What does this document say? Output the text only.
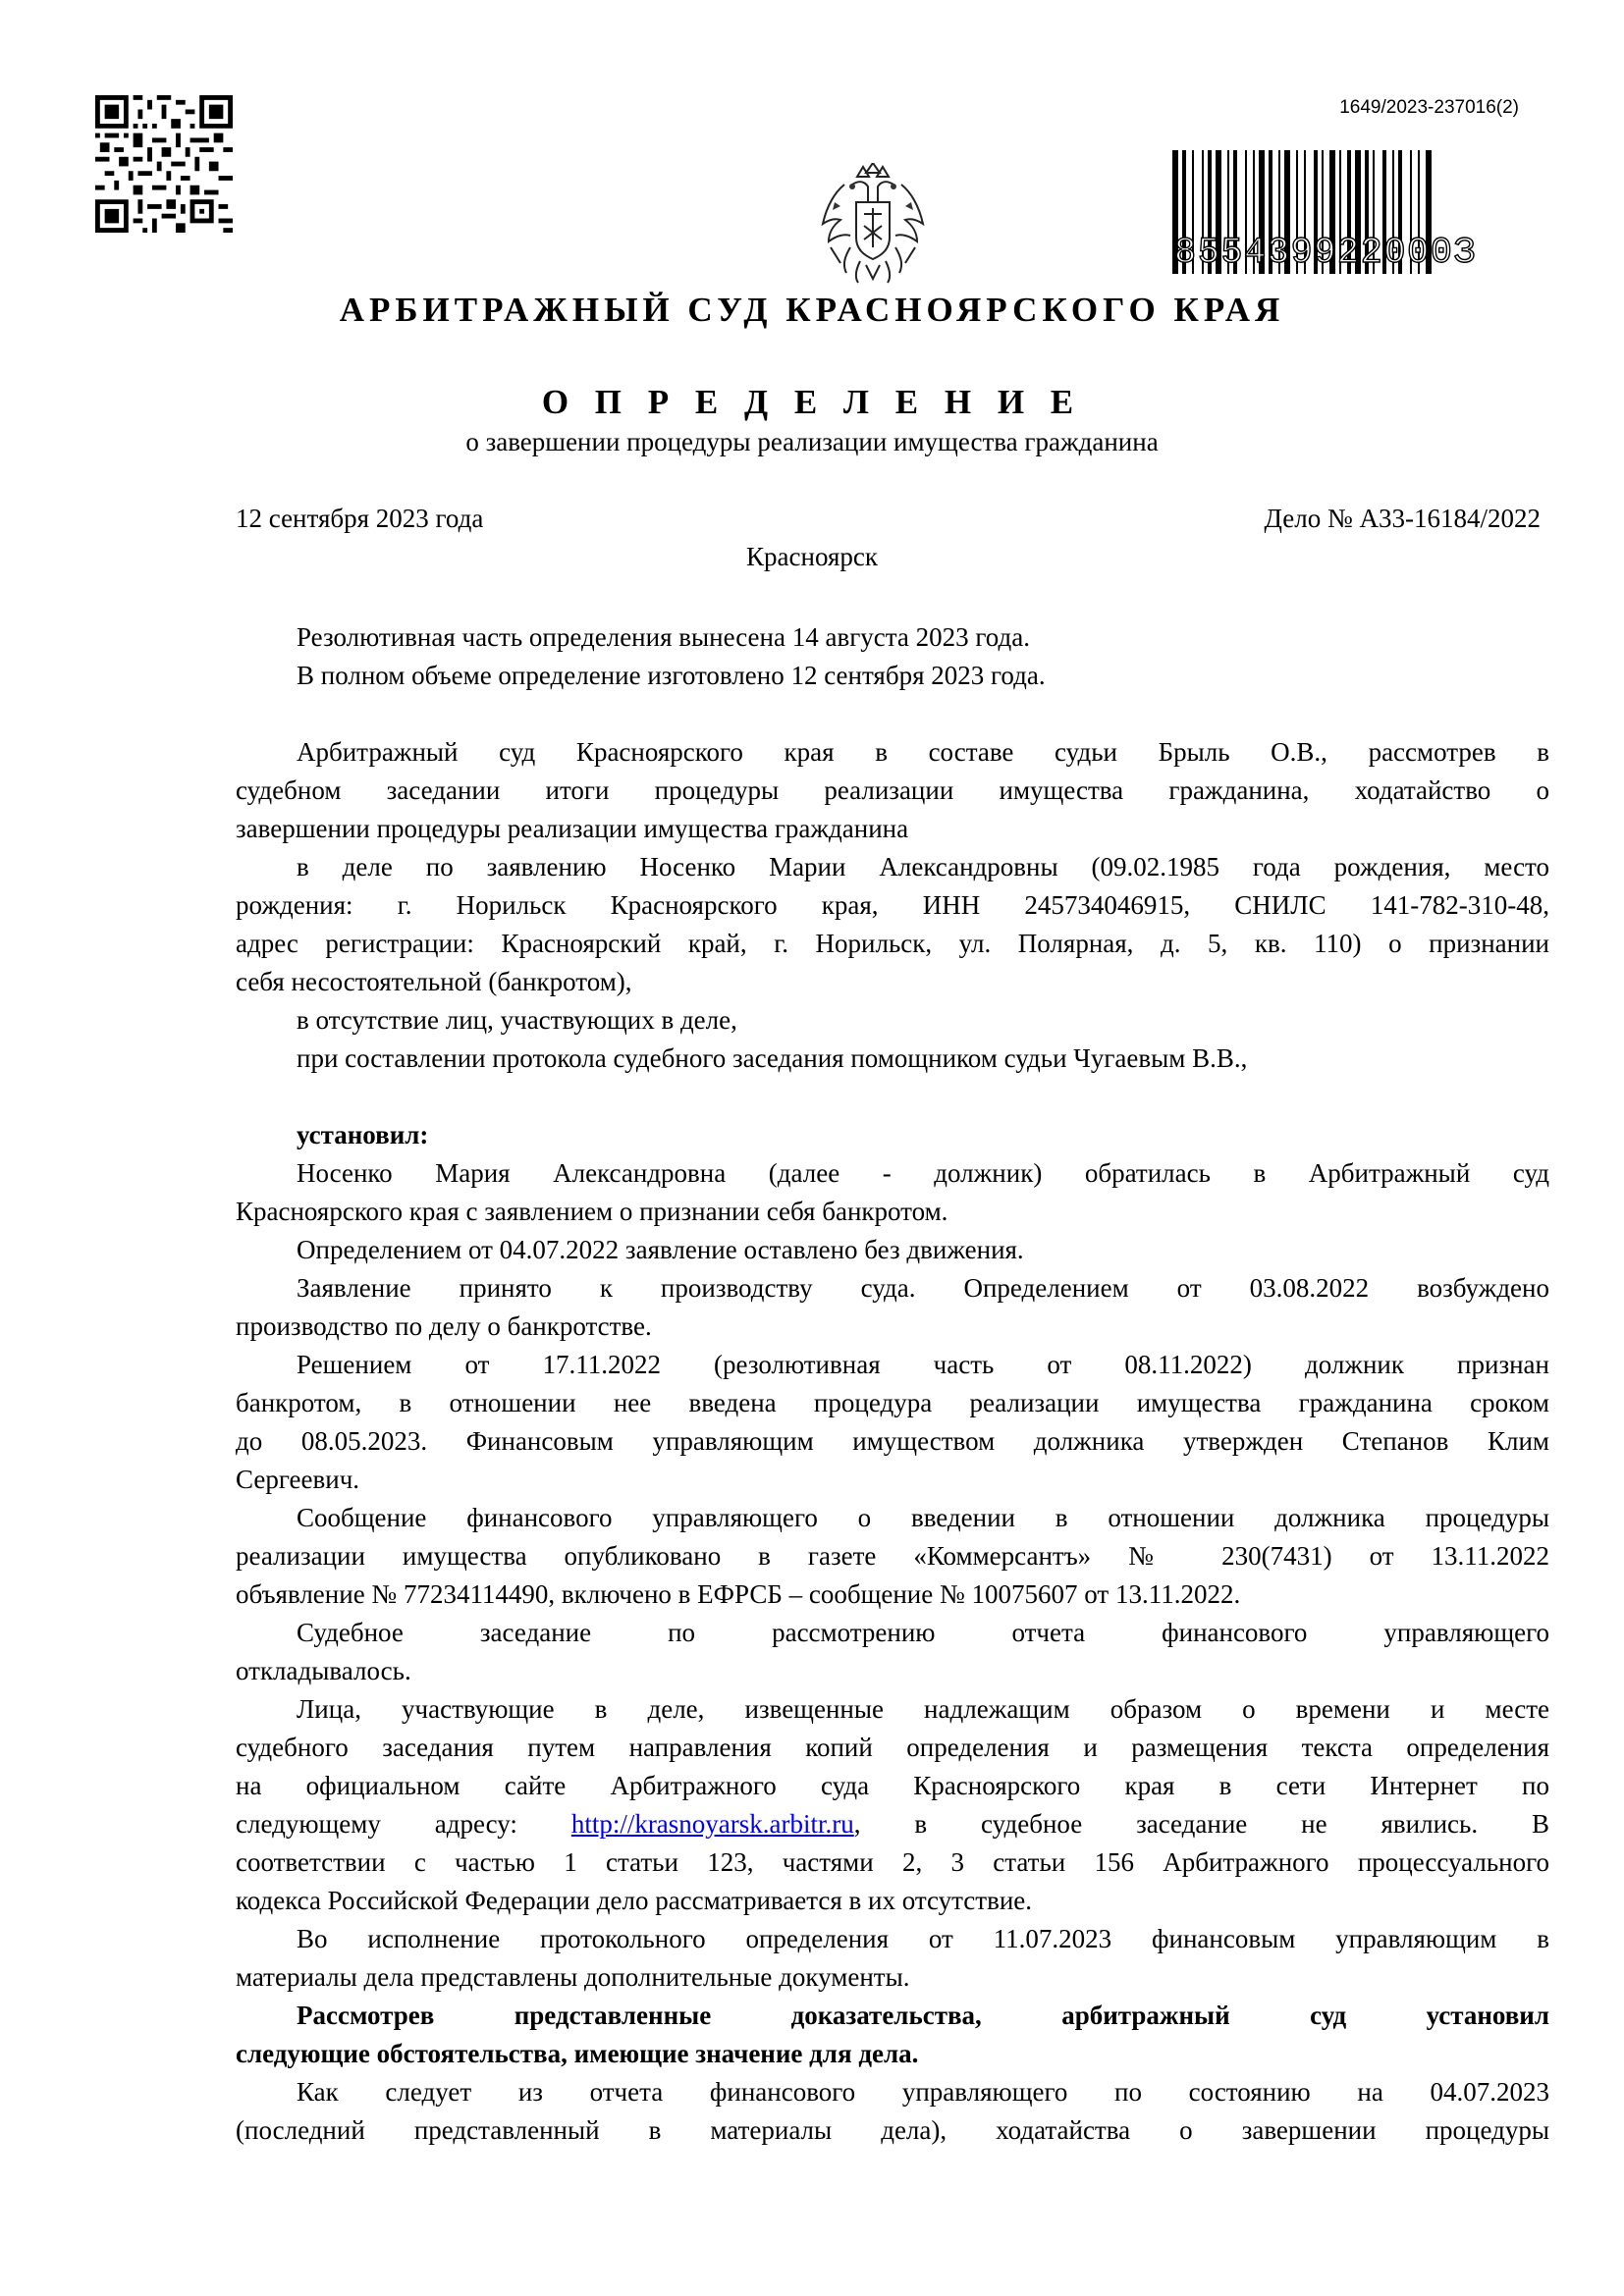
1649/2023-237016(2)
855439922000З
АРБИТРАЖНЫЙ СУД КРАСНОЯРСКОГО КРАЯ
О П Р Е Д Е Л Е Н И Е
о завершении процедуры реализации имущества гражданина
12 сентября 2023 года	Дело № А33-16184/2022
Красноярск
Резолютивная часть определения вынесена 14 августа 2023 года.
В полном объеме определение изготовлено 12 сентября 2023 года.
Арбитражный суд Красноярского края в составе судьи Брыль О.В., рассмотрев в
судебном заседании итоги процедуры реализации имущества гражданина, ходатайство о
завершении процедуры реализации имущества гражданина
в деле по заявлению Носенко Марии Александровны (09.02.1985 года рождения, место
рождения: г. Норильск Красноярского края, ИНН 245734046915, СНИЛС 141-782-310-48,
адрес регистрации: Красноярский край, г. Норильск, ул. Полярная, д. 5, кв. 110) о признании
себя несостоятельной (банкротом),
в отсутствие лиц, участвующих в деле,
при составлении протокола судебного заседания помощником судьи Чугаевым В.В.,
установил:
Носенко Мария Александровна (далее - должник) обратилась в Арбитражный суд
Красноярского края с заявлением о признании себя банкротом.
Определением от 04.07.2022 заявление оставлено без движения.
Заявление принято к производству суда. Определением от 03.08.2022 возбуждено
производство по делу о банкротстве.
Решением от 17.11.2022 (резолютивная часть от 08.11.2022) должник признан
банкротом, в отношении нее введена процедура реализации имущества гражданина сроком
до 08.05.2023. Финансовым управляющим имуществом должника утвержден Степанов Клим
Сергеевич.
Сообщение финансового управляющего о введении в отношении должника процедуры
реализации имущества опубликовано в газете «Коммерсантъ» № 230(7431) от 13.11.2022
объявление № 77234114490, включено в ЕФРСБ – сообщение № 10075607 от 13.11.2022.
Судебное заседание по рассмотрению отчета финансового управляющего
откладывалось.
Лица, участвующие в деле, извещенные надлежащим образом о времени и месте
судебного заседания путем направления копий определения и размещения текста определения
на официальном сайте Арбитражного суда Красноярского края в сети Интернет по
следующему адресу: http://krasnoyarsk.arbitr.ru, в судебное заседание не явились. В
соответствии с частью 1 статьи 123, частями 2, 3 статьи 156 Арбитражного процессуального
кодекса Российской Федерации дело рассматривается в их отсутствие.
Во исполнение протокольного определения от 11.07.2023 финансовым управляющим в
материалы дела представлены дополнительные документы.
Рассмотрев представленные доказательства, арбитражный суд установил
следующие обстоятельства, имеющие значение для дела.
Как следует из отчета финансового управляющего по состоянию на 04.07.2023
(последний представленный в материалы дела), ходатайства о завершении процедуры
